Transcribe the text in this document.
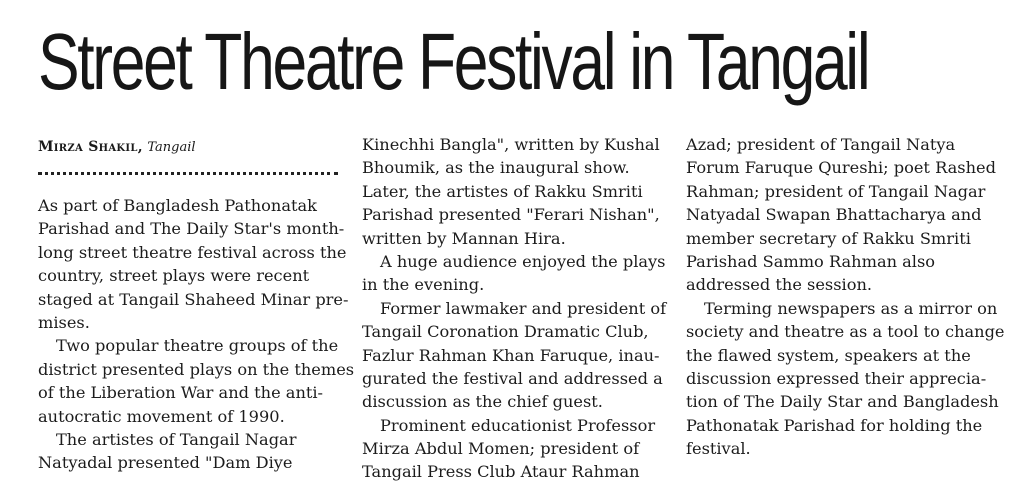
Street Theatre Festival in Tangail
Mirza Shakil, Tangail
As part of Bangladesh Pathonatak
Parishad and The Daily Star's month-
long street theatre festival across the
country, street plays were recent
staged at Tangail Shaheed Minar pre-
mises.
Two popular theatre groups of the
district presented plays on the themes
of the Liberation War and the anti-
autocratic movement of 1990.
The artistes of Tangail Nagar
Natyadal presented "Dam Diye
Kinechhi Bangla", written by Kushal
Bhoumik, as the inaugural show.
Later, the artistes of Rakku Smriti
Parishad presented "Ferari Nishan",
written by Mannan Hira.
A huge audience enjoyed the plays
in the evening.
Former lawmaker and president of
Tangail Coronation Dramatic Club,
Fazlur Rahman Khan Faruque, inau-
gurated the festival and addressed a
discussion as the chief guest.
Prominent educationist Professor
Mirza Abdul Momen; president of
Tangail Press Club Ataur Rahman
Azad; president of Tangail Natya
Forum Faruque Qureshi; poet Rashed
Rahman; president of Tangail Nagar
Natyadal Swapan Bhattacharya and
member secretary of Rakku Smriti
Parishad Sammo Rahman also
addressed the session.
Terming newspapers as a mirror on
society and theatre as a tool to change
the flawed system, speakers at the
discussion expressed their apprecia-
tion of The Daily Star and Bangladesh
Pathonatak Parishad for holding the
festival.
